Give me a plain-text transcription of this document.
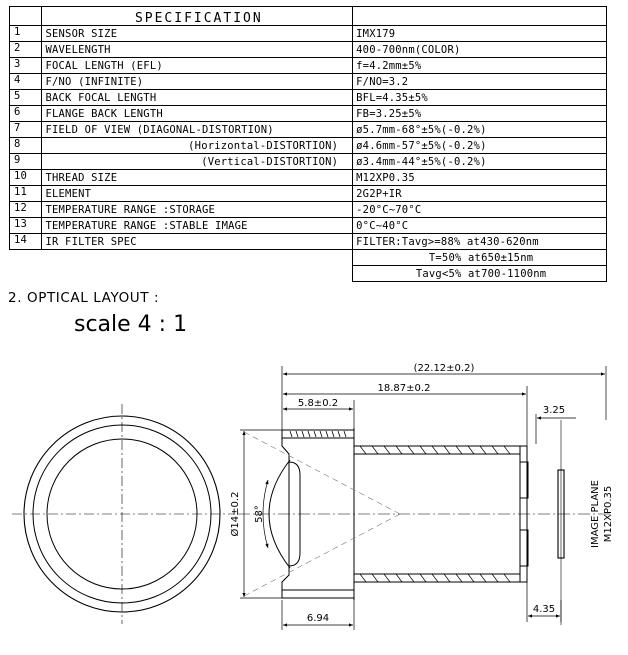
	SPECIFICATION	
1	SENSOR SIZE	IMX179
2	WAVELENGTH	400-700nm(COLOR)
3	FOCAL LENGTH (EFL)	f=4.2mm±5%
4	F/NO (INFINITE)	F/NO=3.2
5	BACK FOCAL LENGTH	BFL=4.35±5%
6	FLANGE BACK LENGTH	FB=3.25±5%
7	FIELD OF VIEW (DIAGONAL-DISTORTION)	ø5.7mm-68°±5%(-0.2%)
8	(Horizontal-DISTORTION)	ø4.6mm-57°±5%(-0.2%)
9	(Vertical-DISTORTION)	ø3.4mm-44°±5%(-0.2%)
10	THREAD SIZE	M12XP0.35
11	ELEMENT	2G2P+IR
12	TEMPERATURE RANGE :STORAGE	-20°C~70°C
13	TEMPERATURE RANGE :STABLE IMAGE	0°C~40°C
14	IR FILTER SPEC	FILTER:Tavg>=88% at430-620nm
		T=50% at650±15nm
		Tavg<5% at700-1100nm
2. OPTICAL LAYOUT :
scale 4 : 1
(22.12±0.2)
18.87±0.2
5.8±0.2
3.25
6.94
4.35
Ø14±0.2 58°	IMAGE PLANE M12XP0.35
